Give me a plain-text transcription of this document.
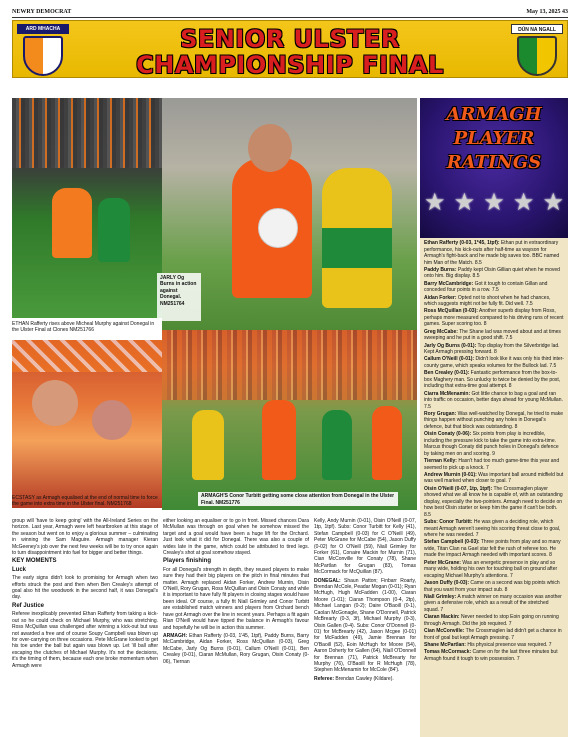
NEWRY DEMOCRAT	May 13, 2025 43
ARD MHACHA	SENIOR ULSTER
CHAMPIONSHIP FINAL
DÚN NA NGALL
ETHAN Rafferty rises above Micheal Murphy against Donegal in the Ulster Final at Clones NM251766
JARLY Og Burns in action against Donegal. NM251764
ECSTASY as Armagh equalised at the end of normal time to force the game into extra time in the Ulster final. NM251768
ARMAGH'S Conor Turbitt getting some close attention from Donegal in the Ulster Final. NM251776
ARMAGH
PLAYER
RATINGS
★ ★ ★ ★ ★

Ethan Rafferty (0-03, 1*45, 1tpf): Ethan put in extraordinary performance, his kick-outs after half-time as wayson for Armagh's fight-back and he made big saves too. BBC named him Man of the Match. 8.5

Paddy Burns: Paddy kept Oisin Gillian quiet when he moved onto him. Big display. 8.5

Barry McCambridge: Got it tough to contain Gillan and conceded four points in a row. 7.5

Aidan Forker: Opted not to shoot when he had chances, which suggests might not be fully fit. Did well. 7.5

Ross McQuillan (0-03): Another superb display from Ross, perhaps more measured compared to his driving runs of recent games. Super scoring too. 8

Greg McCabe: The Shane lad was moved about and at times sweeping and he put in a good shift. 7.5

Jarly Og Burns (0-01): Top display from the Silverbridge lad. Kept Armagh pressing forward. 8

Callum O'Neill (0-01): Didn't look like it was only his third inter-county game, which speaks volumes for the Bullock lad. 7.5

Ben Crealey (0-01): Fantastic performance from the box-to-box Maghery man. So unlucky to twice be denied by the post, including that extra-time goal attempt. 8

Ciarra McMenamin: Got little chance to bag a goal and ran into traffic on occasion, better days ahead for young McMullan. 7.5

Rory Grugan: Was well-watched by Donegal, he tried to make things happen without punching any holes in Donegal's defence, but that block was outstanding. 8

Oisin Conaty (0-06): Six points from play is incredible, including the pressure kick to take the game into extra-time. Marcus though Conaty did punch holes in Donegal's defence by taking men on and scoring. 9

Tiernan Kelly: Hasn't had too much game-time this year and seemed to pick up a knock. 7

Andrew Murnin (0-01): Was important ball around midfield but was well marked when closer to goal. 7

Oisin O'Neill (0-07, 1tp, 1tpf): The Crossmaglen player showed what we all know he is capable of, with an outstanding display, especially the two-pointers. Armagh need to decide on how best Oisin starter or keep him the game if can't be both. 8.5

Subs: Conor Turbitt: He was given a deciding role, which meant Armagh weren't seeing his scoring threat close to goal, where he was needed. 7

Stefan Campbell (0-03): Three points from play and so many wide, Titan Clan na Gael star felt the rush of referee too. He made the impact Armagh needed with important scores. 8

Peter McGrane: Was an energetic presence in play and so many wide, holding his own for touching ball on ground after escaping Michael Murphy's attentions. 7

Jason Duffy (0-03): Came on a second was big points which that you want from your impact sub. 8

Niall Grimley: A match winner on many occasion was another given a defensive role, which as a result of the stretched squad. 7

Ciaran Mackin: Never needed to stop Eoin going on running through Armagh. Did the job required. 7

Cian McConville: The Crossmaglen lad didn't get a chance in front of goal but kept Armagh pressing. 7

Shane McPartlan: His physical presence was required. 7

Tomas McCormack: Came on for the last three minutes but Armagh found it tough to win possession. 7

group will 'have to keep going' with the All-Ireland Series on the horizon. Last year, Armagh were left heartbroken at this stage of the season but went on to enjoy a glorious summer – culminating in winning the Sam Maguire. Armagh manager Kieran McGeeney's job over the next few weeks will be to try once again to turn disappointment into fuel for bigger and better things.

KEY MOMENTS
Luck

The early signs didn't look to promising for Armagh when two efforts struck the post and then when Ben Crealey's attempt of goal also hit the woodwork in the second half, it was Donegal's day.

Ref Justice

Referee inexplicably prevented Ethan Rafferty from taking a kick-out so he could check on Michael Murphy, who was stretching. Ross McQuillan was challenged after winning a kick-out but was not awarded a free and of course Soupy Campbell was blown up for over-carrying on three occasions. Pete McGrane looked to get his toe under the ball but again was blown up. Let 'ill ball after escaping the clutches of Michael Murphy. It's not the decisions, it's the timing of them, because each one broke momentum when Armagh were

either looking an equaliser or to go in front. Missed chances Dara McMullan was through on goal when he somehow missed the target and a goal would have been a huge lift for the Orchard. Just look what it did for Donegal. There was also a couple of wides late in the game, which could be attributed to tired legs. Crealey's shot at goal somehow stayed.

Players finishing

For all Donegal's strength in depth, they reused players to make sure they had their big players on the pitch in final minutes that matter. Armagh replaced Aidan Forker, Andrew Murnin, Oisin O'Neill, Rory Grugan, Ross McQuillan and Oisin Conaty and while it is important to have fully fit players in closing stages would have been ideal. Of course, a fully fit Niall Grimley and Conor Turbitt are established match winners and players from Orchard bench have got Armagh over the line in recent years. Perhaps a fit again Rian O'Neill would have tipped the balance in Armagh's favour and hopefully he will be in action this summer.

ARMAGH: Ethan Rafferty (0-03, 1'45, 1tpf), Paddy Burns, Barry McCambridge, Aidan Forker, Ross McQuillan (0-03), Greg McCabe, Jarly Og Burns (0-01), Callum O'Neill (0-01), Ben Crealey (0-01), Ciaran McMullan, Rory Grugan, Oisin Conaty (0-06), Tiernan

Kelly, Andy Murnin (0-01), Oisin O'Neill (0-07, 1tp, 1tpf). Subs: Conor Turbitt for Kelly (41), Stefan Campbell (0-03) for C O'Neill (49), Peter McGrane for McCabe (54), Jason Duffy (0-02) for O O'Neill (59), Niall Grimley for Forker (61), Conaire Mackin for Murnin (71), Cian McConville for Conaty (78), Shane McPartlan for Grugan (83), Tomas McCormack for McQuillan (87).

DONEGAL: Shaun Patton; Finbarr Roarty, Brendan McCole, Peadar Mogan (0-01); Ryan McHugh, Hugh McFadden (1-00), Ciaran Moore (1-01); Ciaran Thompson (0-4, 2tp), Michael Langan (0-2); Daire O'Baoill (0-1), Caolan McGonagle, Shane O'Donnell, Patrick McBrearty (0-3, 3f), Michael Murphy (0-3), Oisin Gallen (0-4). Subs: Conor O'Donnell (0-01) for McBrearty (42), Jason Mcgee (0-01) for McFadden (49), Jamie Brennan for O'Baoill (52), Eoin McHugh for Moore (54), Aaron Doherty for Gallen (64), Niall O'Donnell for Brennan (71), Patrick McBrearty for Murphy (76), O'Baoill for R McHugh (78), Stephen McMenamin for McCole (84').

Referee: Brendan Cawley (Kildare).
